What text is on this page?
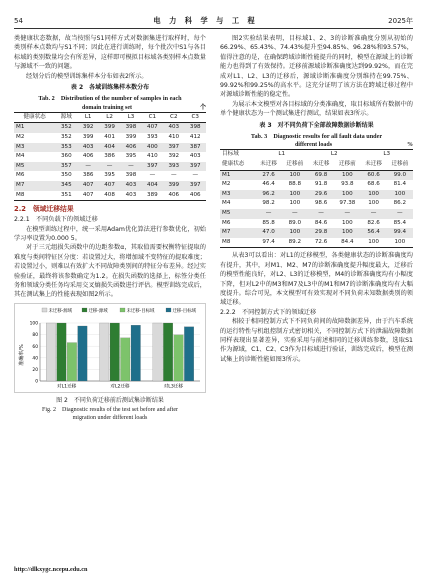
54	电 力 科 学 与 工 程	2025年

类健康状态数据，故当按照与S1同样方式对数据集进行取样时，每个类别样本点数均与S1不同；因此在进行训练时，每个批次中S1与各目标域的类别数量均会有所差异，这样即可模拟目标域各类别样本点数量与源域不一致的问题。

经划分后的模型训练集样本分布如表2所示。

表 2　各域训练集样本数分布

Tab. 2　Distribution of the number of samples in each

domain training set	个
健康状态	源域	L1	L2	L3	C1	C2	C3
M1	352	392	399	398	407	403	398
M2	352	399	401	399	393	410	412
M3	353	403	404	406	400	397	387
M4	360	406	386	395	410	392	403
M5	357	—	—	—	397	393	397
M6	350	386	395	398	—	—	—
M7	345	407	407	403	404	399	397
M8	351	407	408	403	389	406	406
2.2　领域迁移结果

2.2.1　不同负载下的领域迁移

在模型训练过程中，统一采用Adam优化算法进行参数优化，初始学习率设置为0.000 5。

对于三元组损失函数中的边距参数α，其取值需要权衡特征提取的难度与类间特征区分度：若设置过大，将增加域不变特征的提取难度；若设置过小，则难以有效扩大不同故障类别间的特征分布差异。经过实验验证，最终将该参数确定为1.2。在损失函数的选择上，标签分类任务和领域分类任务均采用交叉熵损失函数进行评估。模型训练完成后，其在测试集上的性能表现如图2所示。

未迁移-源域	迁移-源域	未迁移-目标域	迁移-目标域
准确率/%
0
20
40
60
80
100
对L1迁移	对L2迁移	对L3迁移

图 2　不同负荷迁移前后测试集诊断结果

Fig. 2　Diagnostic results of the test set before and after

migration under different loads

图2实验结果表明，目标域1、2、3的诊断准确度分别从初始的66.29%、65.43%、74.43%提升至94.85%、96.28%和93.57%，值得注意的是，在确保跨域诊断性能提升的同时，模型在源域上的诊断能力也得到了有效保持。迁移前源域诊断准确度达到99.92%，而在完成对L1、L2、L3的迁移后，源域诊断准确度分别维持在99.75%、99.92%和99.25%的高水平。这充分证明了该方法在跨域迁移过程中对源域诊断性能的稳定性。

为展示本文模型对各目标域的分类准确度，取目标域所有数据中的单个健康状态为一个测试集进行测试，结果如表3所示。

表 3　对不同负荷下全部故障数据诊断结果

Tab. 3　Diagnostic results for all fault data under

different loads	%
目标域	L1		L2		L3	
健康状态	未迁移	迁移前	未迁移	迁移前	未迁移	迁移前
M1	27.6	100	69.8	100	60.6	99.0
M2	46.4	88.8	91.8	93.8	68.6	81.4
M3	96.2	100	29.6	100	100	100
M4	98.2	100	98.6	97.38	100	86.2
M5	—	—	—	—	—	—
M6	85.8	89.0	84.6	100	82.6	85.4
M7	47.0	100	29.8	100	56.4	99.4
M8	97.4	89.2	72.6	84.4	100	100

从表3可以看出：对L1的迁移模型，各类健康状态的诊断准确度均有提升，其中，对M1、M2、M7的诊断准确度提升幅度最大，迁移后的模型性能良好，对L2、L3的迁移模型，M4的诊断准确度均有小幅度下降，但对L2中的M3和M7及L3中的M1和M7的诊断准确度均有大幅度提升。综合可见，本文模型可有效实现对不同负荷未知数据类别的领域迁移。

2.2.2　不同控制方式下的领域迁移

相较于相同控制方式下不同负荷间的故障数据差异，由于汽车系统的运行特性与机组控制方式密切相关，不同控制方式下的泄漏故障数据同样表现出显著差异，实验采用与前述相同的迁移训练参数，选取S1作为源域，C1、C2、C3作为目标域进行验证，训练完成后，模型在测试集上的诊断性能如图3所示。

http://dlkxygc.ncepu.edu.cn
